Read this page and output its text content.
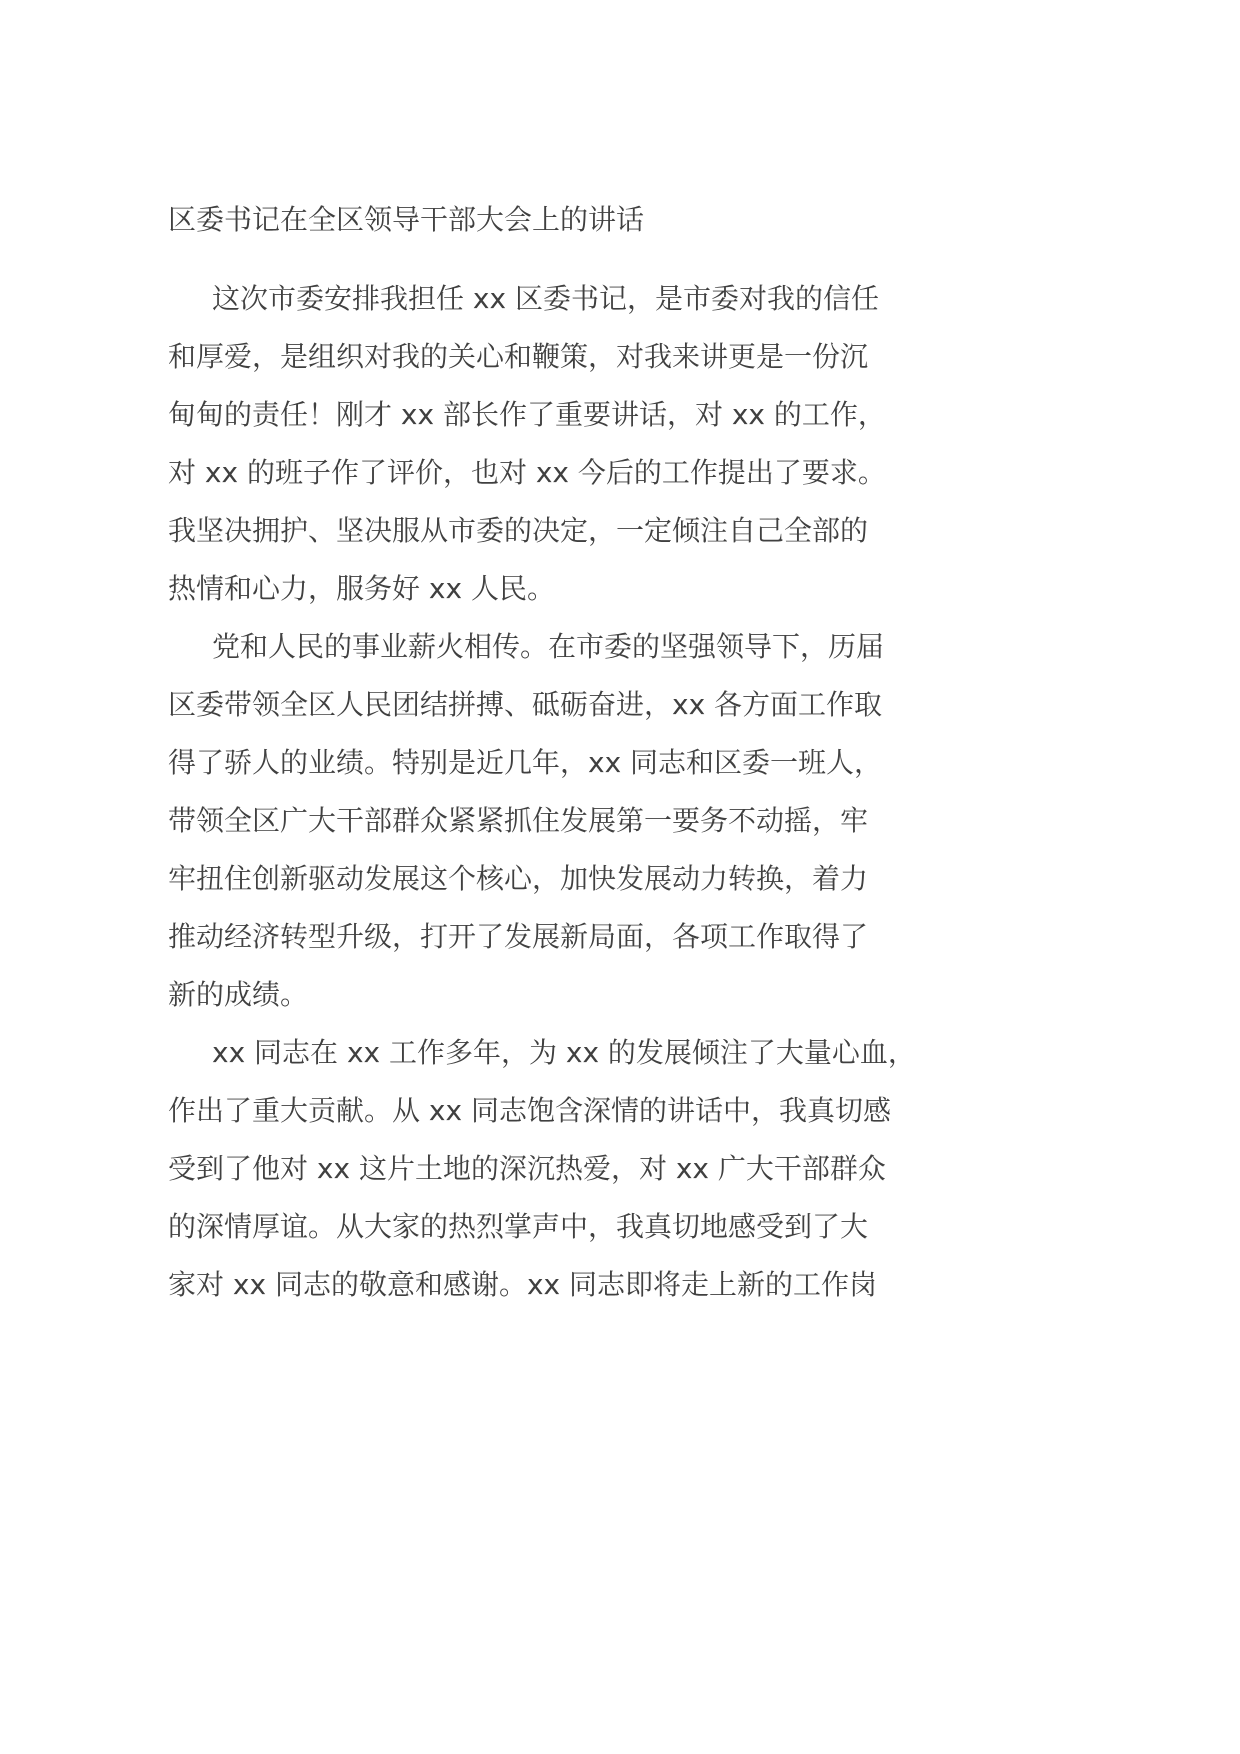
区委书记在全区领导干部大会上的讲话
这次市委安排我担任 xx 区委书记，是市委对我的信任
和厚爱，是组织对我的关心和鞭策，对我来讲更是一份沉
甸甸的责任！刚才 xx 部长作了重要讲话，对 xx 的工作，
对 xx 的班子作了评价，也对 xx 今后的工作提出了要求。
我坚决拥护、坚决服从市委的决定，一定倾注自己全部的
热情和心力，服务好 xx 人民。
党和人民的事业薪火相传。在市委的坚强领导下，历届
区委带领全区人民团结拼搏、砥砺奋进，xx 各方面工作取
得了骄人的业绩。特别是近几年，xx 同志和区委一班人，
带领全区广大干部群众紧紧抓住发展第一要务不动摇，牢
牢扭住创新驱动发展这个核心，加快发展动力转换，着力
推动经济转型升级，打开了发展新局面，各项工作取得了
新的成绩。
xx 同志在 xx 工作多年，为 xx 的发展倾注了大量心血，
作出了重大贡献。从 xx 同志饱含深情的讲话中，我真切感
受到了他对 xx 这片土地的深沉热爱，对 xx 广大干部群众
的深情厚谊。从大家的热烈掌声中，我真切地感受到了大
家对 xx 同志的敬意和感谢。xx 同志即将走上新的工作岗
